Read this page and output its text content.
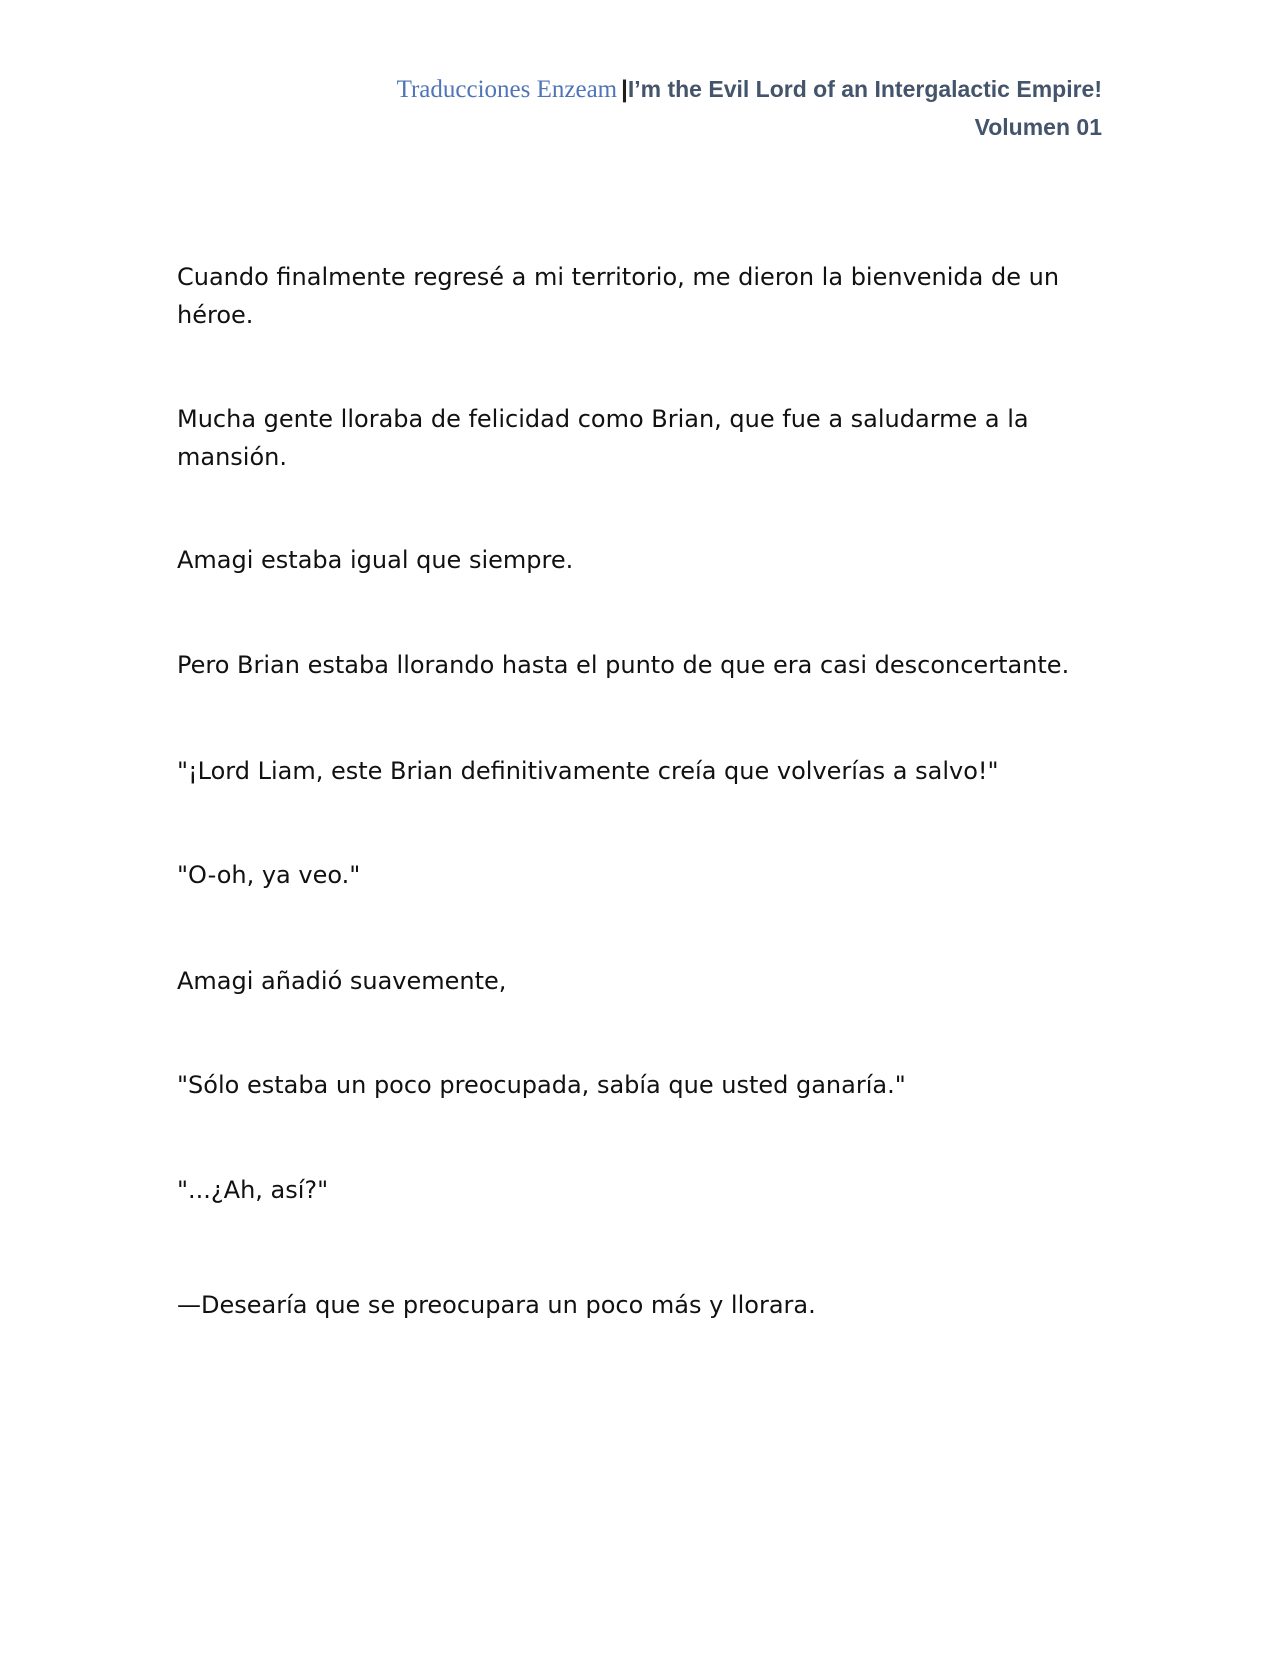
Traducciones Enzeam |I’m the Evil Lord of an Intergalactic Empire!
Volumen 01

Cuando finalmente regresé a mi territorio, me dieron la bienvenida de un héroe.

Mucha gente lloraba de felicidad como Brian, que fue a saludarme a la mansión.

Amagi estaba igual que siempre.

Pero Brian estaba llorando hasta el punto de que era casi desconcertante.

"¡Lord Liam, este Brian definitivamente creía que volverías a salvo!"

"O-oh, ya veo."

Amagi añadió suavemente,

"Sólo estaba un poco preocupada, sabía que usted ganaría."

"...¿Ah, así?"

—Desearía que se preocupara un poco más y llorara.
